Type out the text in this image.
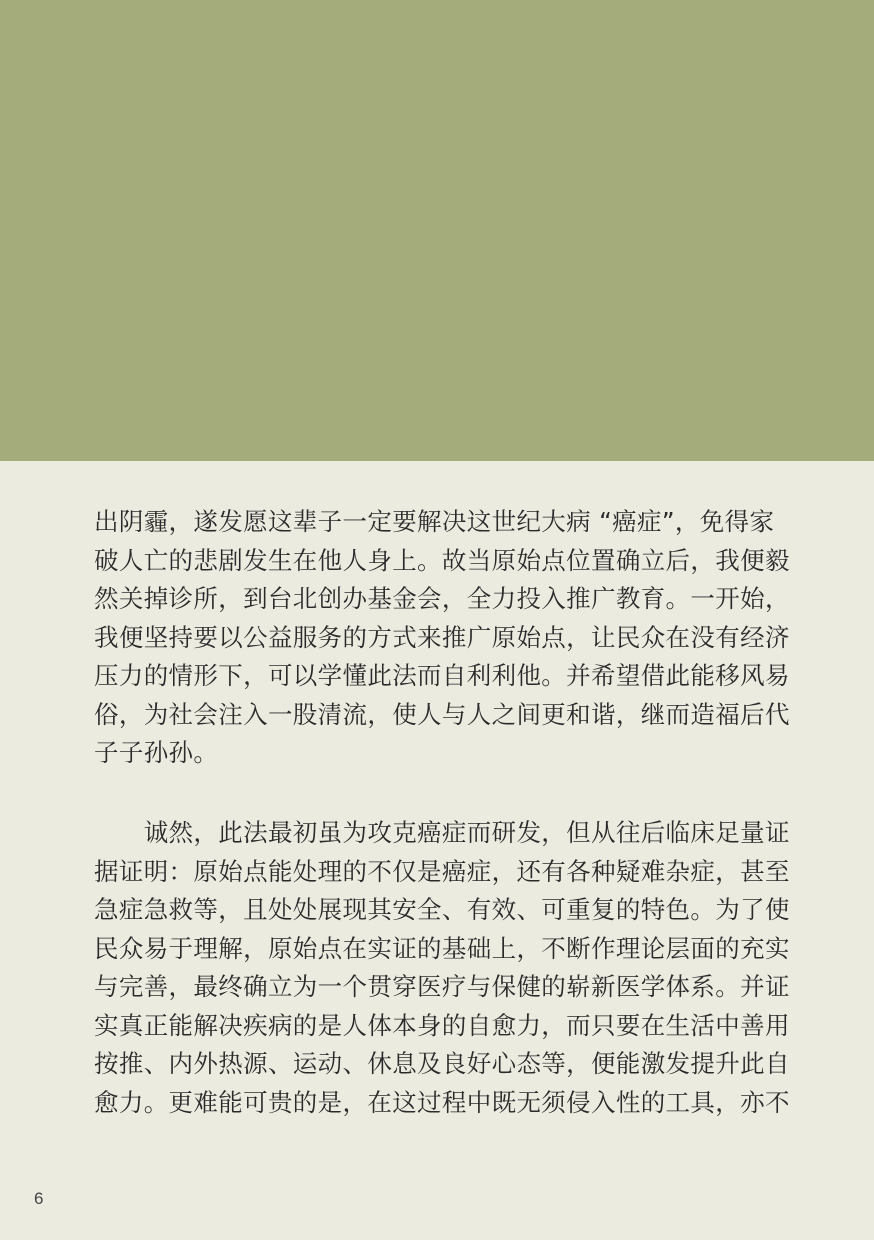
出阴霾，遂发愿这辈子一定要解决这世纪大病 “癌症”，免得家
破人亡的悲剧发生在他人身上。故当原始点位置确立后，我便毅
然关掉诊所，到台北创办基金会，全力投入推广教育。一开始，
我便坚持要以公益服务的方式来推广原始点，让民众在没有经济
压力的情形下，可以学懂此法而自利利他。并希望借此能移风易
俗，为社会注入一股清流，使人与人之间更和谐，继而造福后代
子子孙孙。
　　诚然，此法最初虽为攻克癌症而研发，但从往后临床足量证
据证明：原始点能处理的不仅是癌症，还有各种疑难杂症，甚至
急症急救等，且处处展现其安全、有效、可重复的特色。为了使
民众易于理解，原始点在实证的基础上，不断作理论层面的充实
与完善，最终确立为一个贯穿医疗与保健的崭新医学体系。并证
实真正能解决疾病的是人体本身的自愈力，而只要在生活中善用
按推、内外热源、运动、休息及良好心态等，便能激发提升此自
愈力。更难能可贵的是，在这过程中既无须侵入性的工具，亦不
6
